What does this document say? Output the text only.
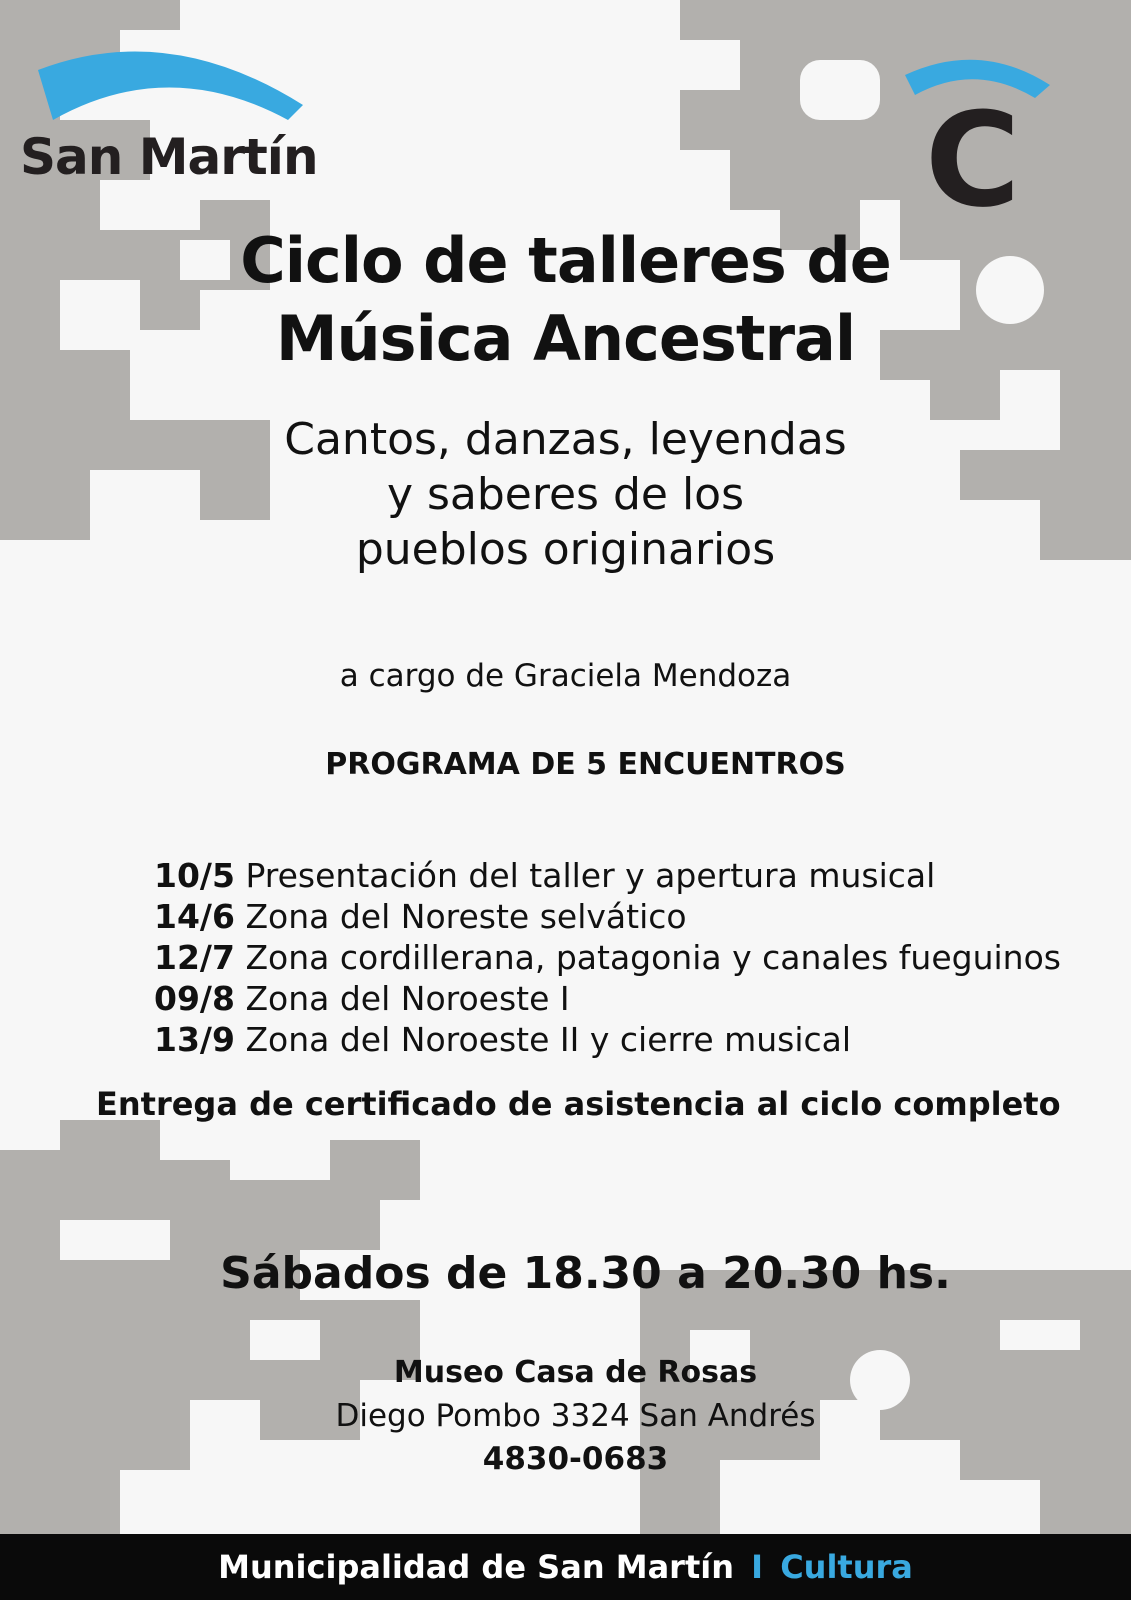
San Martín	C
Ciclo de talleres de
Música Ancestral
Cantos, danzas, leyendas
y saberes de los
pueblos originarios
a cargo de Graciela Mendoza
PROGRAMA DE 5 ENCUENTROS
10/5 Presentación del taller y apertura musical
14/6 Zona del Noreste selvático
12/7 Zona cordillerana, patagonia y canales fueguinos
09/8 Zona del Noroeste I
13/9 Zona del Noroeste II y cierre musical
Entrega de certificado de asistencia al ciclo completo
Sábados de 18.30 a 20.30 hs.
Museo Casa de Rosas
Diego Pombo 3324 San Andrés
4830-0683
Municipalidad de San Martín I Cultura
